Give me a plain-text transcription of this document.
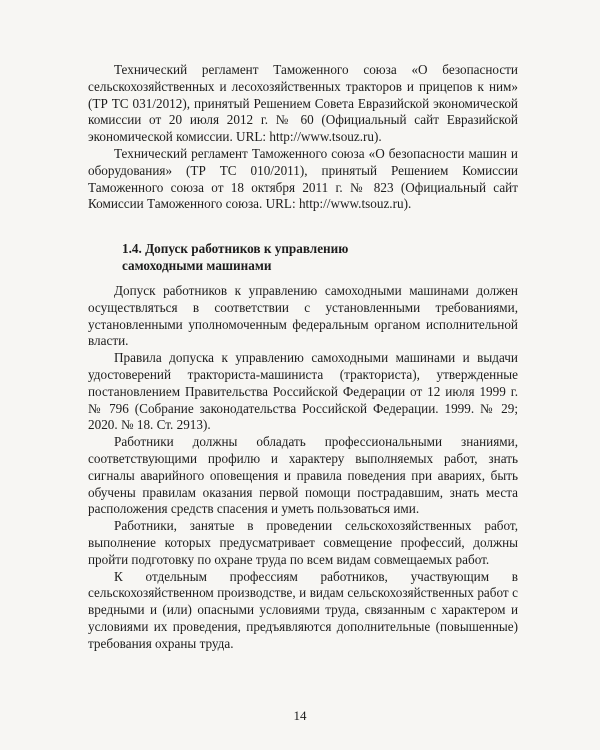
Технический регламент Таможенного союза «О безопасности сельскохозяйственных и лесохозяйственных тракторов и прицепов к ним» (ТР ТС 031/2012), принятый Решением Совета Евразийской экономической комиссии от 20 июля 2012 г. № 60 (Официальный сайт Евразийской экономической комиссии. URL: http://www.tsouz.ru).

Технический регламент Таможенного союза «О безопасности машин и оборудования» (ТР ТС 010/2011), принятый Решением Комиссии Таможенного союза от 18 октября 2011 г. № 823 (Официальный сайт Комиссии Таможенного союза. URL: http://www.tsouz.ru).

1.4. Допуск работников к управлению
самоходными машинами

Допуск работников к управлению самоходными машинами должен осуществляться в соответствии с установленными требованиями, установленными уполномоченным федеральным органом исполнительной власти.

Правила допуска к управлению самоходными машинами и выдачи удостоверений тракториста-машиниста (тракториста), утвержденные постановлением Правительства Российской Федерации от 12 июля 1999 г. № 796 (Собрание законодательства Российской Федерации. 1999. № 29; 2020. № 18. Ст. 2913).

Работники должны обладать профессиональными знаниями, соответствующими профилю и характеру выполняемых работ, знать сигналы аварийного оповещения и правила поведения при авариях, быть обучены правилам оказания первой помощи пострадавшим, знать места расположения средств спасения и уметь пользоваться ими.

Работники, занятые в проведении сельскохозяйственных работ, выполнение которых предусматривает совмещение профессий, должны пройти подготовку по охране труда по всем видам совмещаемых работ.

К отдельным профессиям работников, участвующим в сельскохозяйственном производстве, и видам сельскохозяйственных работ с вредными и (или) опасными условиями труда, связанным с характером и условиями их проведения, предъявляются дополнительные (повышенные) требования охраны труда.

14
